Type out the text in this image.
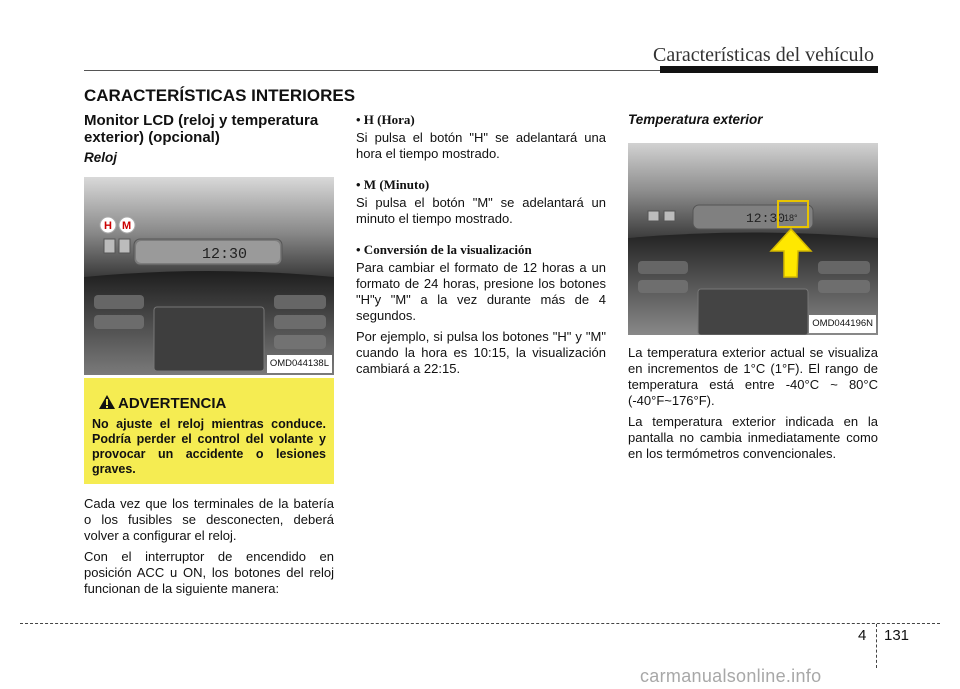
Características del vehículo
CARACTERÍSTICAS INTERIORES
Monitor LCD (reloj y temperatura exterior) (opcional)
Reloj
12:30
H M
OMD044138L
ADVERTENCIA
No ajuste el reloj mientras conduce. Podría perder el control del volante y provocar un accidente o lesiones graves.

Cada vez que los terminales de la batería o los fusibles se desconecten, deberá volver a configurar el reloj.

Con el interruptor de encendido en posición ACC u ON, los botones del reloj funcionan de la siguiente manera:

• H (Hora)

Si pulsa el botón "H" se adelantará una hora el tiempo mostrado.

• M (Minuto)

Si pulsa el botón "M" se adelantará un minuto el tiempo mostrado.

• Conversión de la visualización

Para cambiar el formato de 12 horas a un formato de 24 horas, presione los botones "H"y "M" a la vez durante más de 4 segundos.

Por ejemplo, si pulsa los botones "H" y "M" cuando la hora es 10:15, la visualización cambiará a 22:15.

Temperatura exterior
12:30
18°
OMD044196N

La temperatura exterior actual se visualiza en incrementos de 1°C (1°F). El rango de temperatura está entre -40°C ~ 80°C (-40°F~176°F).

La temperatura exterior indicada en la pantalla no cambia inmediatamente como en los termómetros convencionales.

4 131
carmanualsonline.info
